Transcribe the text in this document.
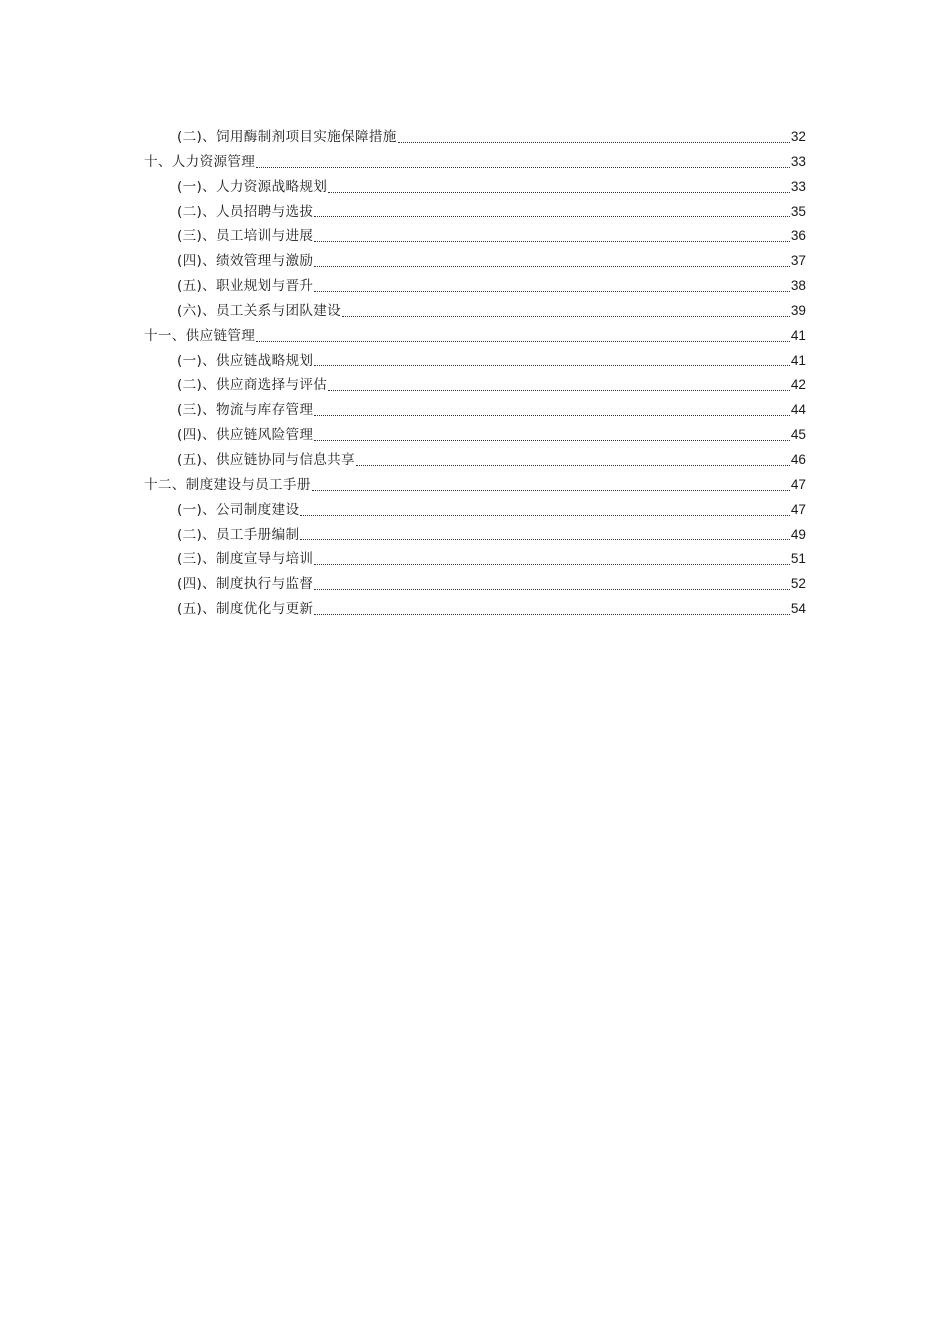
(二)、饲用酶制剂项目实施保障措施	32
十、人力资源管理	33
(一)、人力资源战略规划	33
(二)、人员招聘与选拔	35
(三)、员工培训与进展	36
(四)、绩效管理与激励	37
(五)、职业规划与晋升	38
(六)、员工关系与团队建设	39
十一、供应链管理	41
(一)、供应链战略规划	41
(二)、供应商选择与评估	42
(三)、物流与库存管理	44
(四)、供应链风险管理	45
(五)、供应链协同与信息共享	46
十二、制度建设与员工手册	47
(一)、公司制度建设	47
(二)、员工手册编制	49
(三)、制度宣导与培训	51
(四)、制度执行与监督	52
(五)、制度优化与更新	54
